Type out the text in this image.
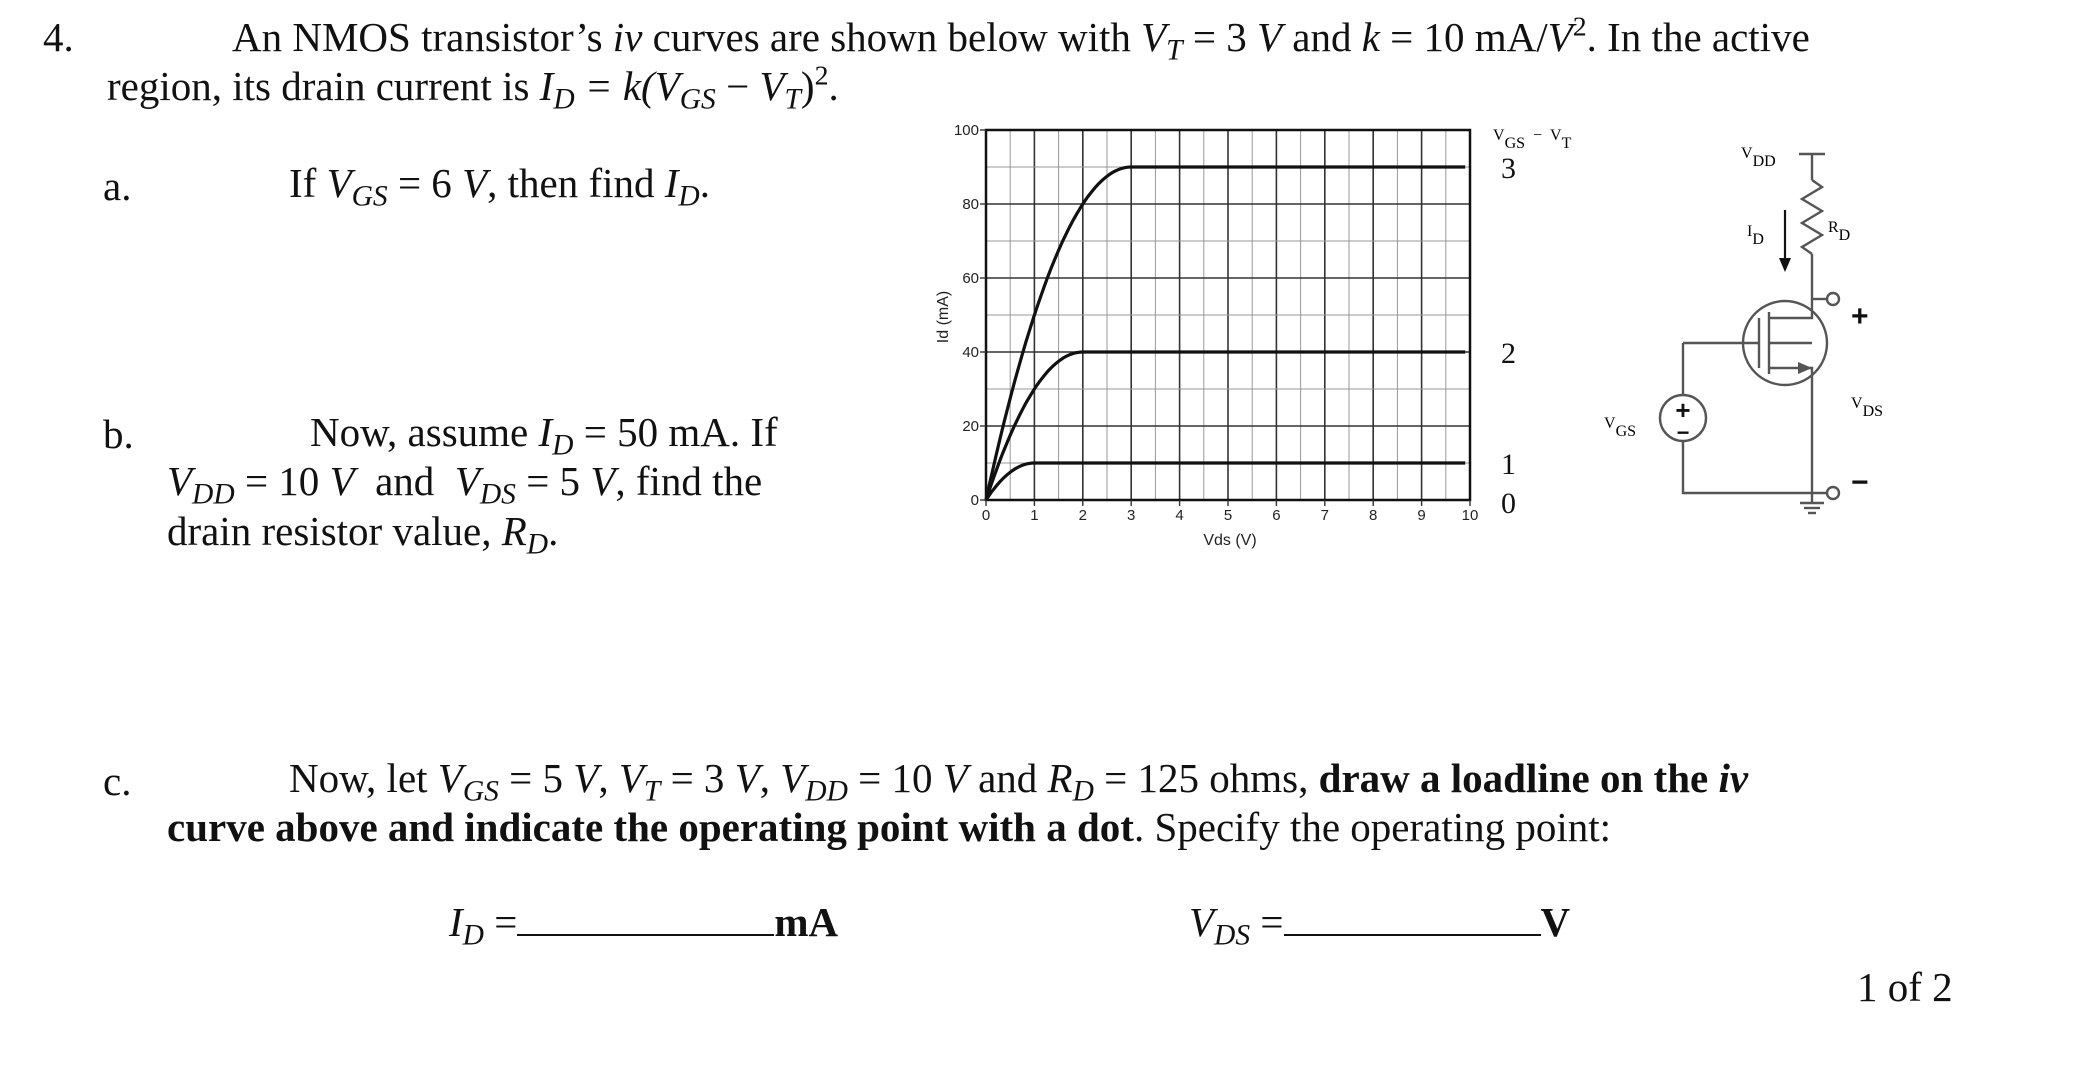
4.	An NMOS transistor’s iv curves are shown below with $V_T = 3$ V and k = 10 $mA/V^2$. In the active
region, its drain current is $I_D = k(V_{GS} - V_T)^2$.
a.	If $V_{GS} = 6$ V, then find $I_D$.
b.	Now, assume $I_D = 50$ mA. If
$V_{DD} = 10$ V and $V_{DS} = 5$ V, find the
drain resistor value, $R_D$.
0
20
40
60
80
100
0	1	2	3	4	5	6	7	8	9 10
3
2
1
0
Vds (V)
Id (mA)
VGS − VT
VDD
ID
RD
+
−
VDS
VGS
+
−
c.	Now, let $V_{GS} = 5$ V, $V_T = 3$ V, $V_{DD} = 10$ V and $R_D = 125$ ohms, draw a loadline on the iv
curve above and indicate the operating point with a dot. Specify the operating point:
$I_D$ =	mA	$V_{DS}$ =	V
1 of 2
